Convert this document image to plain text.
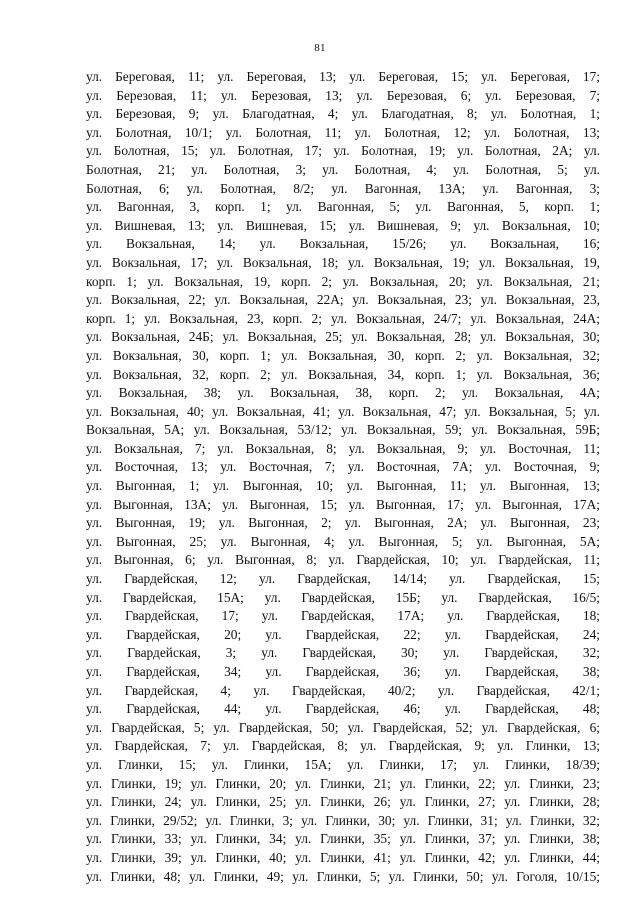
81
ул. Береговая, 11; ул. Береговая, 13; ул. Береговая, 15; ул. Береговая, 17;
ул. Березовая, 11; ул. Березовая, 13; ул. Березовая, 6; ул. Березовая, 7;
ул. Березовая, 9; ул. Благодатная, 4; ул. Благодатная, 8; ул. Болотная, 1;
ул. Болотная, 10/1; ул. Болотная, 11; ул. Болотная, 12; ул. Болотная, 13;
ул. Болотная, 15; ул. Болотная, 17; ул. Болотная, 19; ул. Болотная, 2А; ул.
Болотная, 21; ул. Болотная, 3; ул. Болотная, 4; ул. Болотная, 5; ул.
Болотная, 6; ул. Болотная, 8/2; ул. Вагонная, 13А; ул. Вагонная, 3;
ул. Вагонная, 3, корп. 1; ул. Вагонная, 5; ул. Вагонная, 5, корп. 1;
ул. Вишневая, 13; ул. Вишневая, 15; ул. Вишневая, 9; ул. Вокзальная, 10;
ул. Вокзальная, 14; ул. Вокзальная, 15/26; ул. Вокзальная, 16;
ул. Вокзальная, 17; ул. Вокзальная, 18; ул. Вокзальная, 19; ул. Вокзальная, 19,
корп. 1; ул. Вокзальная, 19, корп. 2; ул. Вокзальная, 20; ул. Вокзальная, 21;
ул. Вокзальная, 22; ул. Вокзальная, 22А; ул. Вокзальная, 23; ул. Вокзальная, 23,
корп. 1; ул. Вокзальная, 23, корп. 2; ул. Вокзальная, 24/7; ул. Вокзальная, 24А;
ул. Вокзальная, 24Б; ул. Вокзальная, 25; ул. Вокзальная, 28; ул. Вокзальная, 30;
ул. Вокзальная, 30, корп. 1; ул. Вокзальная, 30, корп. 2; ул. Вокзальная, 32;
ул. Вокзальная, 32, корп. 2; ул. Вокзальная, 34, корп. 1; ул. Вокзальная, 36;
ул. Вокзальная, 38; ул. Вокзальная, 38, корп. 2; ул. Вокзальная, 4А;
ул. Вокзальная, 40; ул. Вокзальная, 41; ул. Вокзальная, 47; ул. Вокзальная, 5; ул.
Вокзальная, 5А; ул. Вокзальная, 53/12; ул. Вокзальная, 59; ул. Вокзальная, 59Б;
ул. Вокзальная, 7; ул. Вокзальная, 8; ул. Вокзальная, 9; ул. Восточная, 11;
ул. Восточная, 13; ул. Восточная, 7; ул. Восточная, 7А; ул. Восточная, 9;
ул. Выгонная, 1; ул. Выгонная, 10; ул. Выгонная, 11; ул. Выгонная, 13;
ул. Выгонная, 13А; ул. Выгонная, 15; ул. Выгонная, 17; ул. Выгонная, 17А;
ул. Выгонная, 19; ул. Выгонная, 2; ул. Выгонная, 2А; ул. Выгонная, 23;
ул. Выгонная, 25; ул. Выгонная, 4; ул. Выгонная, 5; ул. Выгонная, 5А;
ул. Выгонная, 6; ул. Выгонная, 8; ул. Гвардейская, 10; ул. Гвардейская, 11;
ул. Гвардейская, 12; ул. Гвардейская, 14/14; ул. Гвардейская, 15;
ул. Гвардейская, 15А; ул. Гвардейская, 15Б; ул. Гвардейская, 16/5;
ул. Гвардейская, 17; ул. Гвардейская, 17А; ул. Гвардейская, 18;
ул. Гвардейская, 20; ул. Гвардейская, 22; ул. Гвардейская, 24;
ул. Гвардейская, 3; ул. Гвардейская, 30; ул. Гвардейская, 32;
ул. Гвардейская, 34; ул. Гвардейская, 36; ул. Гвардейская, 38;
ул. Гвардейская, 4; ул. Гвардейская, 40/2; ул. Гвардейская, 42/1;
ул. Гвардейская, 44; ул. Гвардейская, 46; ул. Гвардейская, 48;
ул. Гвардейская, 5; ул. Гвардейская, 50; ул. Гвардейская, 52; ул. Гвардейская, 6;
ул. Гвардейская, 7; ул. Гвардейская, 8; ул. Гвардейская, 9; ул. Глинки, 13;
ул. Глинки, 15; ул. Глинки, 15А; ул. Глинки, 17; ул. Глинки, 18/39;
ул. Глинки, 19; ул. Глинки, 20; ул. Глинки, 21; ул. Глинки, 22; ул. Глинки, 23;
ул. Глинки, 24; ул. Глинки, 25; ул. Глинки, 26; ул. Глинки, 27; ул. Глинки, 28;
ул. Глинки, 29/52; ул. Глинки, 3; ул. Глинки, 30; ул. Глинки, 31; ул. Глинки, 32;
ул. Глинки, 33; ул. Глинки, 34; ул. Глинки, 35; ул. Глинки, 37; ул. Глинки, 38;
ул. Глинки, 39; ул. Глинки, 40; ул. Глинки, 41; ул. Глинки, 42; ул. Глинки, 44;
ул. Глинки, 48; ул. Глинки, 49; ул. Глинки, 5; ул. Глинки, 50; ул. Гоголя, 10/15;
